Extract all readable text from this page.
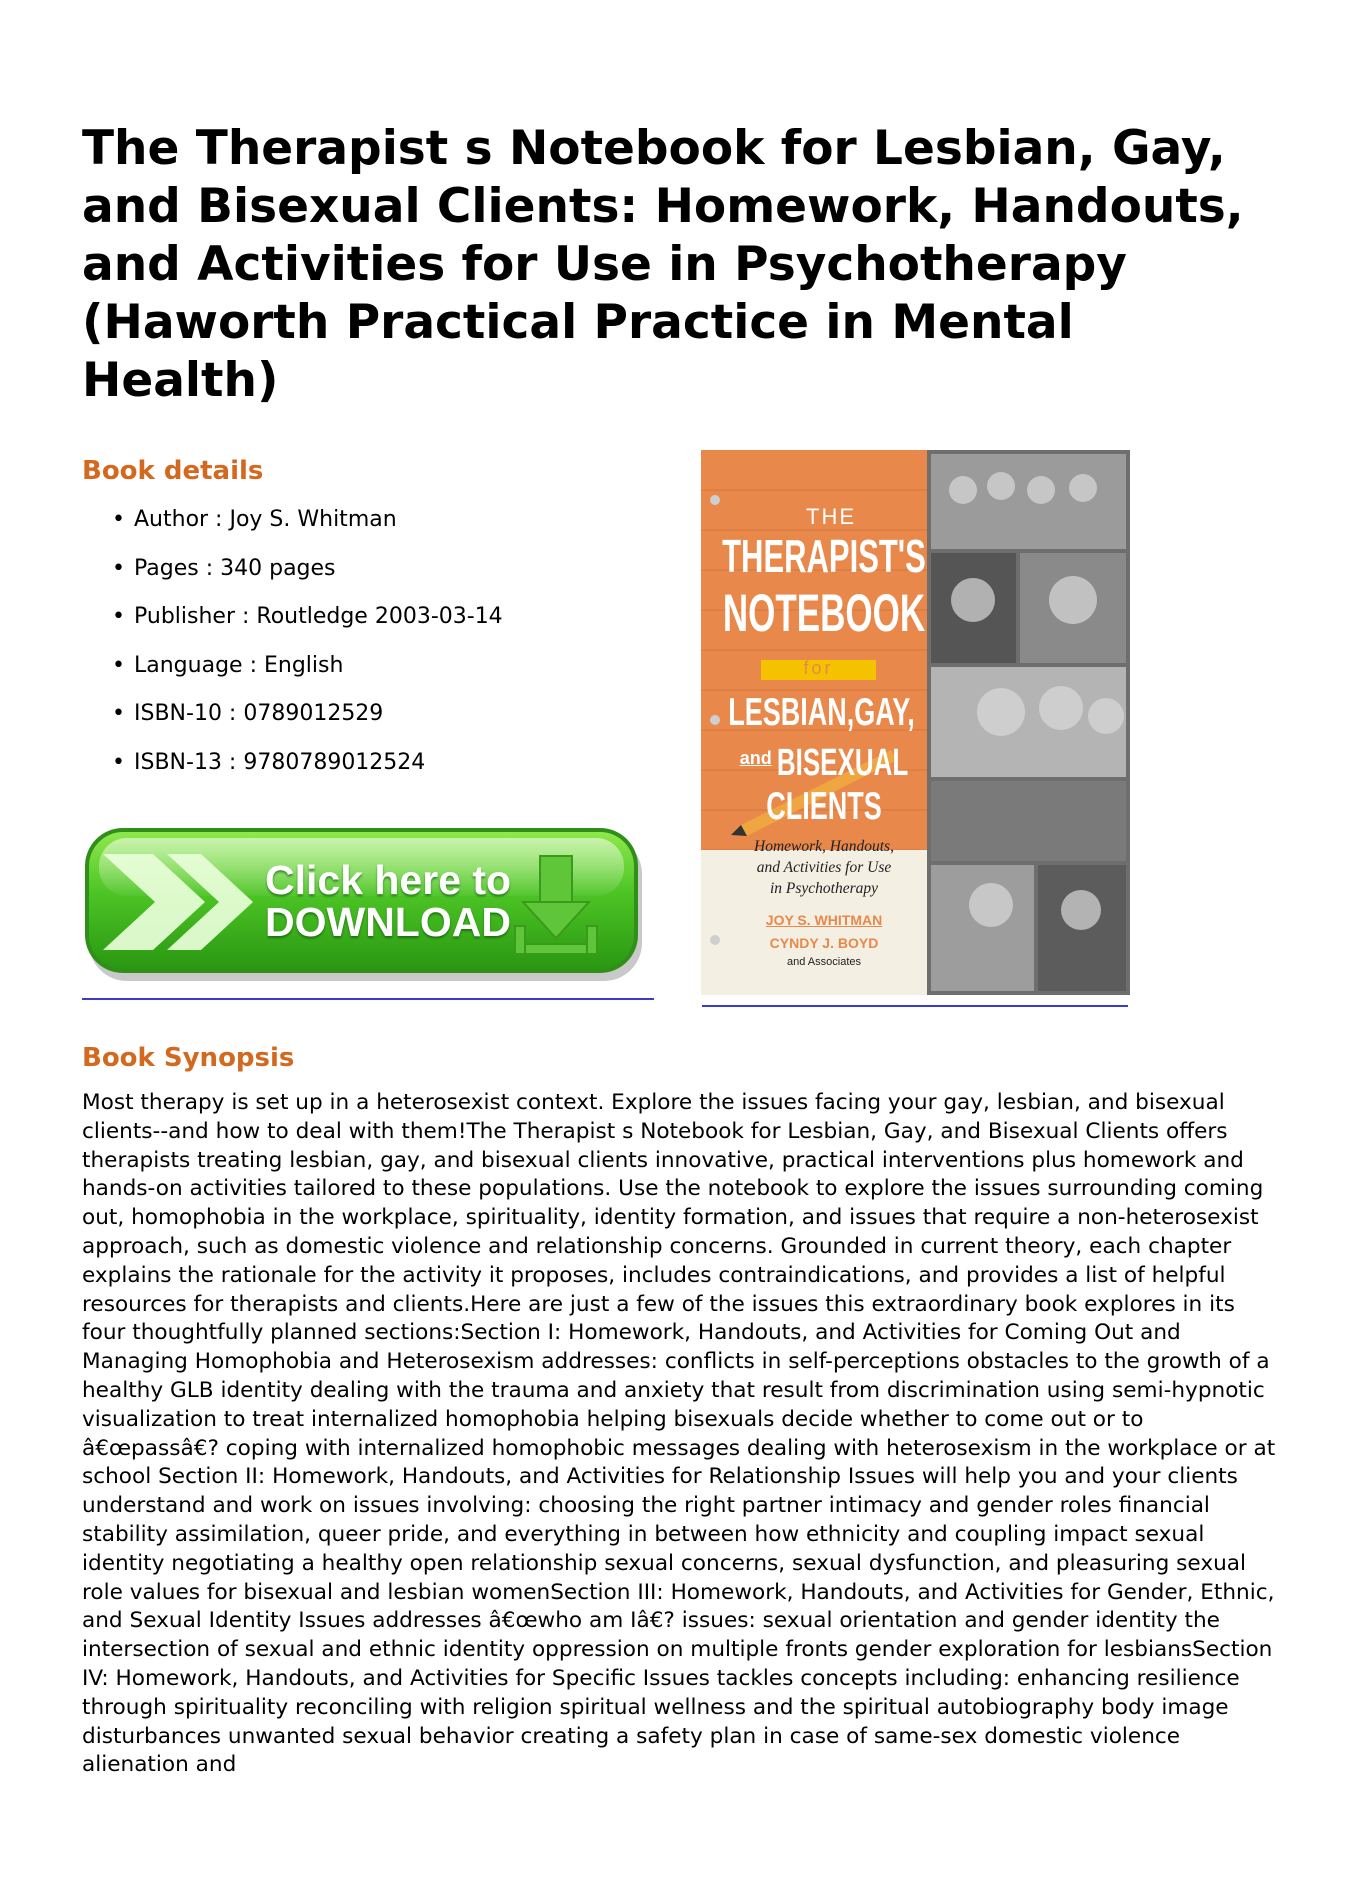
The Therapist s Notebook for Lesbian, Gay, and Bisexual Clients: Homework, Handouts, and Activities for Use in Psychotherapy (Haworth Practical Practice in Mental Health)
Book details
• Author : Joy S. Whitman
• Pages : 340 pages
• Publisher : Routledge 2003-03-14
• Language : English
• ISBN-10 : 0789012529
• ISBN-13 : 9780789012524
Click here to
DOWNLOAD
THE
THERAPIST'S
NOTEBOOK
for
LESBIAN,GAY,
and BISEXUAL
CLIENTS
Homework, Handouts,
and Activities for Use
in Psychotherapy
JOY S. WHITMAN
CYNDY J. BOYD
and Associates
Book Synopsis

Most therapy is set up in a heterosexist context. Explore the issues facing your gay, lesbian, and bisexual clients--and how to deal with them!The Therapist s Notebook for Lesbian, Gay, and Bisexual Clients offers therapists treating lesbian, gay, and bisexual clients innovative, practical interventions plus homework and hands-on activities tailored to these populations. Use the notebook to explore the issues surrounding coming out, homophobia in the workplace, spirituality, identity formation, and issues that require a non-heterosexist approach, such as domestic violence and relationship concerns. Grounded in current theory, each chapter explains the rationale for the activity it proposes, includes contraindications, and provides a list of helpful resources for therapists and clients.Here are just a few of the issues this extraordinary book explores in its four thoughtfully planned sections:Section I: Homework, Handouts, and Activities for Coming Out and Managing Homophobia and Heterosexism addresses: conflicts in self-perceptions obstacles to the growth of a healthy GLB identity dealing with the trauma and anxiety that result from discrimination using semi-hypnotic visualization to treat internalized homophobia helping bisexuals decide whether to come out or to â€œpassâ€? coping with internalized homophobic messages dealing with heterosexism in the workplace or at school Section II: Homework, Handouts, and Activities for Relationship Issues will help you and your clients understand and work on issues involving: choosing the right partner intimacy and gender roles financial stability assimilation, queer pride, and everything in between how ethnicity and coupling impact sexual identity negotiating a healthy open relationship sexual concerns, sexual dysfunction, and pleasuring sexual role values for bisexual and lesbian womenSection III: Homework, Handouts, and Activities for Gender, Ethnic, and Sexual Identity Issues addresses â€œwho am Iâ€? issues: sexual orientation and gender identity the intersection of sexual and ethnic identity oppression on multiple fronts gender exploration for lesbiansSection IV: Homework, Handouts, and Activities for Specific Issues tackles concepts including: enhancing resilience through spirituality reconciling with religion spiritual wellness and the spiritual autobiography body image disturbances unwanted sexual behavior creating a safety plan in case of same-sex domestic violence alienation and
